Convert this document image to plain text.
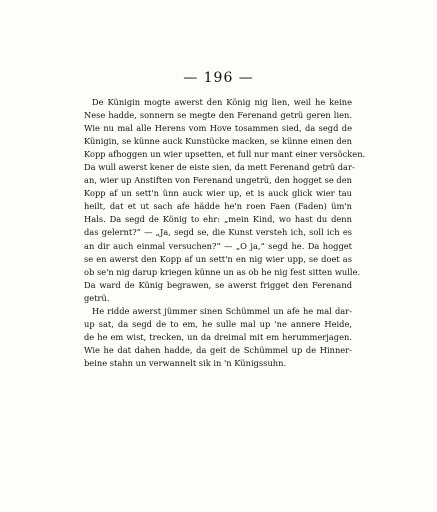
— 196 —
De Künigin mogte awerst den König nig lien, weil he keine
Nese hadde, sonnern se megte den Ferenand getrü geren lien.
Wie nu mal alle Herens vom Hove tosammen sied, da segd de
Künigin, se künne auck Kunstücke macken, se künne einen den
Kopp afhoggen un wier upsetten, et full nur mant einer versöcken.
Da wull awerst kener de eiste sien, da mett Ferenand getrü dar-
an, wier up Anstiften von Ferenand ungetrü, den hogget se den
Kopp af un sett'n ünn auck wier up, et is auck glick wier tau
heilt, dat et ut sach afe hädde he'n roen Faen (Faden) üm'n
Hals. Da segd de König to ehr: „mein Kind, wo hast du denn
das gelernt?“ — „Ja, segd se, die Kunst versteh ich, soll ich es
an dir auch einmal versuchen?“ — „O ja,“ segd he. Da hogget
se en awerst den Kopp af un sett'n en nig wier upp, se doet as
ob se'n nig darup kriegen künne un as ob he nig fest sitten wulle.
Da ward de Künig begrawen, se awerst frigget den Ferenand
getrü.
He ridde awerst jümmer sinen Schümmel un afe he mal dar-
up sat, da segd de to em, he sulle mal up 'ne annere Heide,
de he em wist, trecken, un da dreimal mit em herummerjagen.
Wie he dat dahen hadde, da geit de Schümmel up de Hinner-
beine stahn un verwannelt sik in 'n Künigssuhn.
